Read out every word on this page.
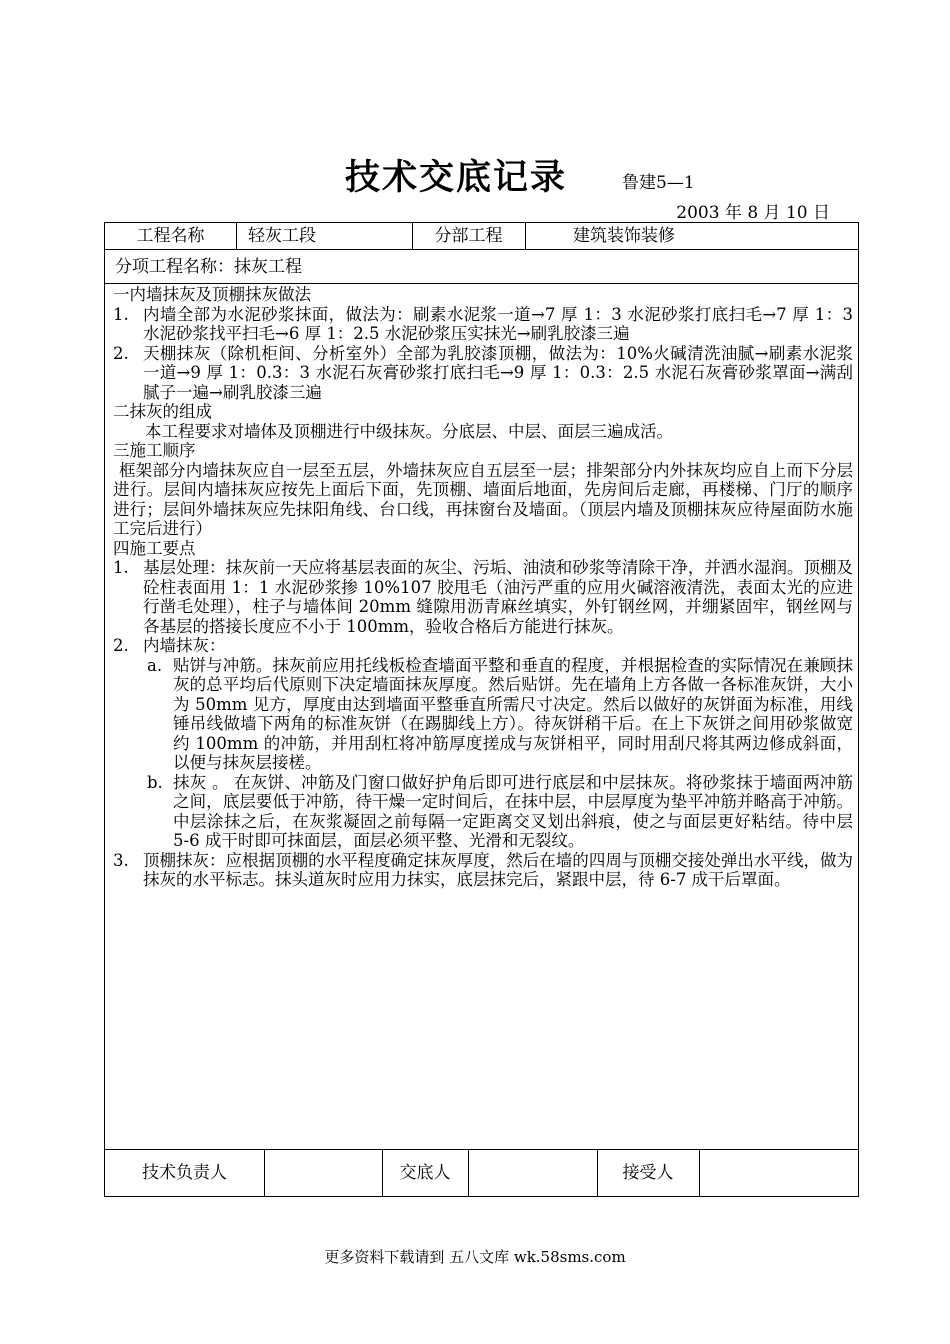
技术交底记录	鲁建5—1
2003 年 8 月 10 日
工程名称	轻灰工段	分部工程	建筑装饰装修
分项工程名称：抹灰工程
一内墙抹灰及顶棚抹灰做法
1. 内墙全部为水泥砂浆抹面，做法为：刷素水泥浆一道→7 厚 1：3 水泥砂浆打底扫毛→7 厚 1：3 水泥砂浆找平扫毛→6 厚 1：2.5 水泥砂浆压实抹光→刷乳胶漆三遍
2. 天棚抹灰（除机柜间、分析室外）全部为乳胶漆顶棚，做法为：10%火碱清洗油腻→刷素水泥浆一道→9 厚 1：0.3：3 水泥石灰膏砂浆打底扫毛→9 厚 1：0.3：2.5 水泥石灰膏砂浆罩面→满刮腻子一遍→刷乳胶漆三遍
二抹灰的组成
本工程要求对墙体及顶棚进行中级抹灰。分底层、中层、面层三遍成活。
三施工顺序
框架部分内墙抹灰应自一层至五层，外墙抹灰应自五层至一层；排架部分内外抹灰均应自上而下分层进行。层间内墙抹灰应按先上面后下面，先顶棚、墙面后地面，先房间后走廊，再楼梯、门厅的顺序进行；层间外墙抹灰应先抹阳角线、台口线，再抹窗台及墙面。（顶层内墙及顶棚抹灰应待屋面防水施工完后进行）
四施工要点
1. 基层处理：抹灰前一天应将基层表面的灰尘、污垢、油渍和砂浆等清除干净，并洒水湿润。顶棚及砼柱表面用 1：1 水泥砂浆掺 10%107 胶甩毛（油污严重的应用火碱溶液清洗，表面太光的应进行凿毛处理），柱子与墙体间 20mm 缝隙用沥青麻丝填实，外钉钢丝网，并绷紧固牢，钢丝网与各基层的搭接长度应不小于 100mm，验收合格后方能进行抹灰。
2. 内墙抹灰：
a. 贴饼与冲筋。抹灰前应用托线板检查墙面平整和垂直的程度，并根据检查的实际情况在兼顾抹灰的总平均后代原则下决定墙面抹灰厚度。然后贴饼。先在墙角上方各做一各标准灰饼，大小为 50mm 见方，厚度由达到墙面平整垂直所需尺寸决定。然后以做好的灰饼面为标准，用线锤吊线做墙下两角的标准灰饼（在踢脚线上方）。待灰饼稍干后。在上下灰饼之间用砂浆做宽约 100mm 的冲筋，并用刮杠将冲筋厚度搓成与灰饼相平，同时用刮尺将其两边修成斜面，以便与抹灰层接槎。
b. 抹灰 。 在灰饼、冲筋及门窗口做好护角后即可进行底层和中层抹灰。将砂浆抹于墙面两冲筋之间，底层要低于冲筋，待干燥一定时间后，在抹中层，中层厚度为垫平冲筋并略高于冲筋。中层涂抹之后，在灰浆凝固之前每隔一定距离交叉划出斜痕，使之与面层更好粘结。待中层 5-6 成干时即可抹面层，面层必须平整、光滑和无裂纹。
3. 顶棚抹灰：应根据顶棚的水平程度确定抹灰厚度，然后在墙的四周与顶棚交接处弹出水平线，做为抹灰的水平标志。抹头道灰时应用力抹实，底层抹完后，紧跟中层，待 6-7 成干后罩面。
技术负责人	交底人	接受人
更多资料下载请到 五八文库 wk.58sms.com
